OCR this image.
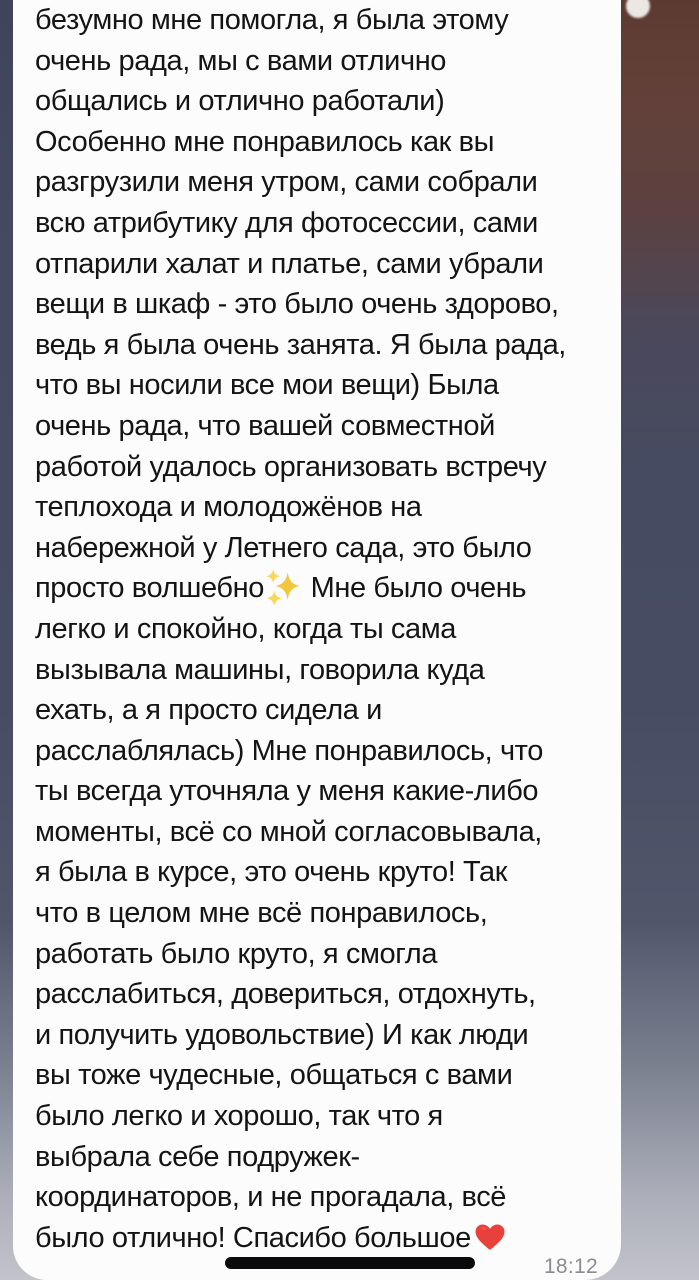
безумно мне помогла, я была этому
очень рада, мы с вами отлично
общались и отлично работали)
Особенно мне понравилось как вы
разгрузили меня утром, сами собрали
всю атрибутику для фотосессии, сами
отпарили халат и платье, сами убрали
вещи в шкаф - это было очень здорово,
ведь я была очень занята. Я была рада,
что вы носили все мои вещи) Была
очень рада, что вашей совместной
работой удалось организовать встречу
теплохода и молодожёнов на
набережной у Летнего сада, это было
просто волшебно Мне было очень
легко и спокойно, когда ты сама
вызывала машины, говорила куда
ехать, а я просто сидела и
расслаблялась) Мне понравилось, что
ты всегда уточняла у меня какие-либо
моменты, всё со мной согласовывала,
я была в курсе, это очень круто! Так
что в целом мне всё понравилось,
работать было круто, я смогла
расслабиться, довериться, отдохнуть,
и получить удовольствие) И как люди
вы тоже чудесные, общаться с вами
было легко и хорошо, так что я
выбрала себе подружек-
координаторов, и не прогадала, всё
было отлично! Спасибо большое
18:12
